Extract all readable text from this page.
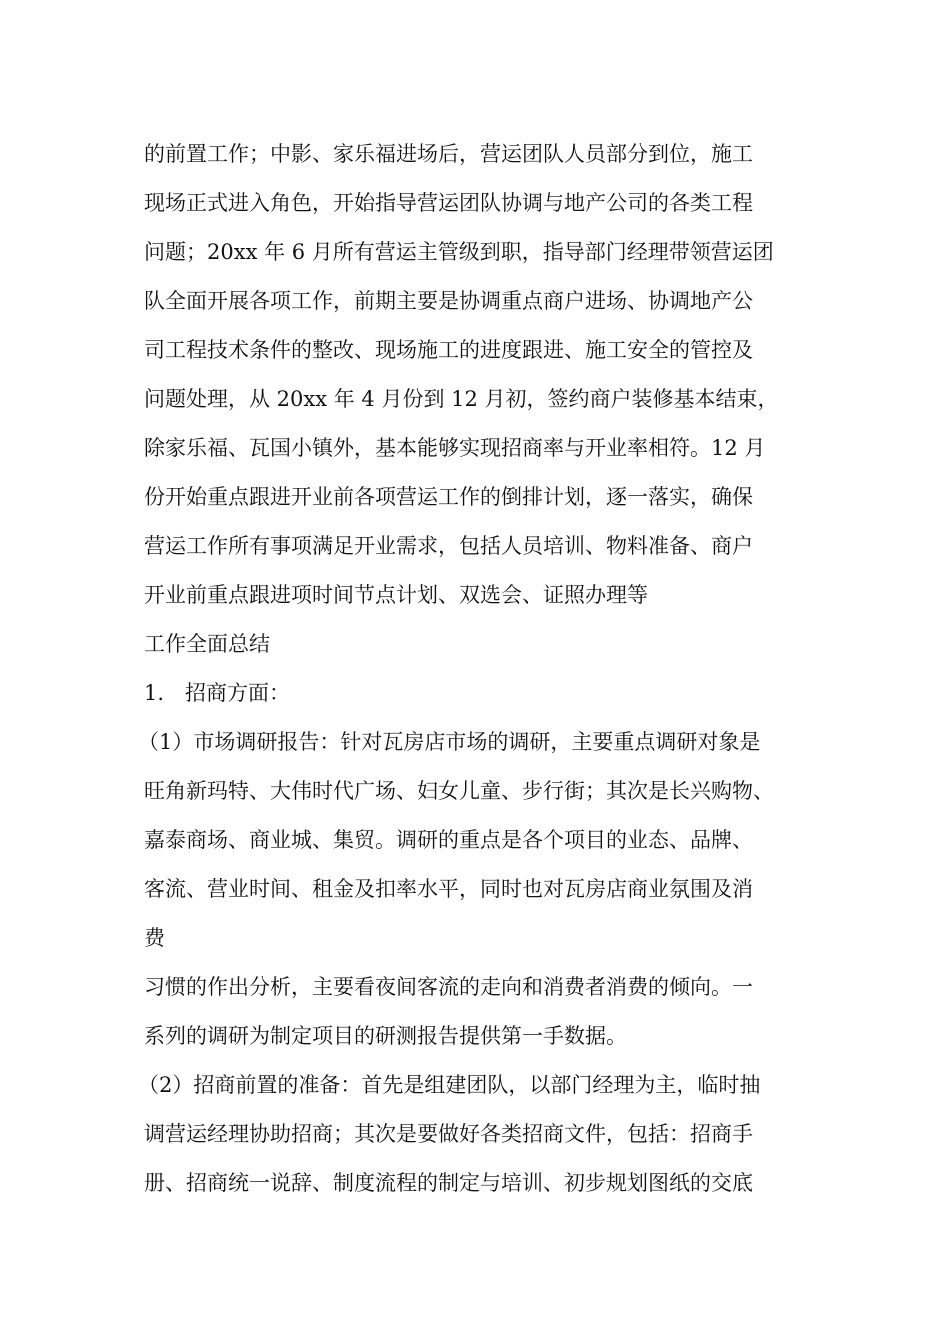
的前置工作；中影、家乐福进场后，营运团队人员部分到位，施工
现场正式进入角色，开始指导营运团队协调与地产公司的各类工程
问题；20xx 年 6 月所有营运主管级到职，指导部门经理带领营运团
队全面开展各项工作，前期主要是协调重点商户进场、协调地产公
司工程技术条件的整改、现场施工的进度跟进、施工安全的管控及
问题处理，从 20xx 年 4 月份到 12 月初，签约商户装修基本结束，
除家乐福、瓦国小镇外，基本能够实现招商率与开业率相符。12 月
份开始重点跟进开业前各项营运工作的倒排计划，逐一落实，确保
营运工作所有事项满足开业需求，包括人员培训、物料准备、商户
开业前重点跟进项时间节点计划、双选会、证照办理等
工作全面总结
1.　招商方面：
（1）市场调研报告：针对瓦房店市场的调研，主要重点调研对象是
旺角新玛特、大伟时代广场、妇女儿童、步行街；其次是长兴购物、
嘉泰商场、商业城、集贸。调研的重点是各个项目的业态、品牌、
客流、营业时间、租金及扣率水平，同时也对瓦房店商业氛围及消
费
习惯的作出分析，主要看夜间客流的走向和消费者消费的倾向。一
系列的调研为制定项目的研测报告提供第一手数据。
（2）招商前置的准备：首先是组建团队，以部门经理为主，临时抽
调营运经理协助招商；其次是要做好各类招商文件，包括：招商手
册、招商统一说辞、制度流程的制定与培训、初步规划图纸的交底
